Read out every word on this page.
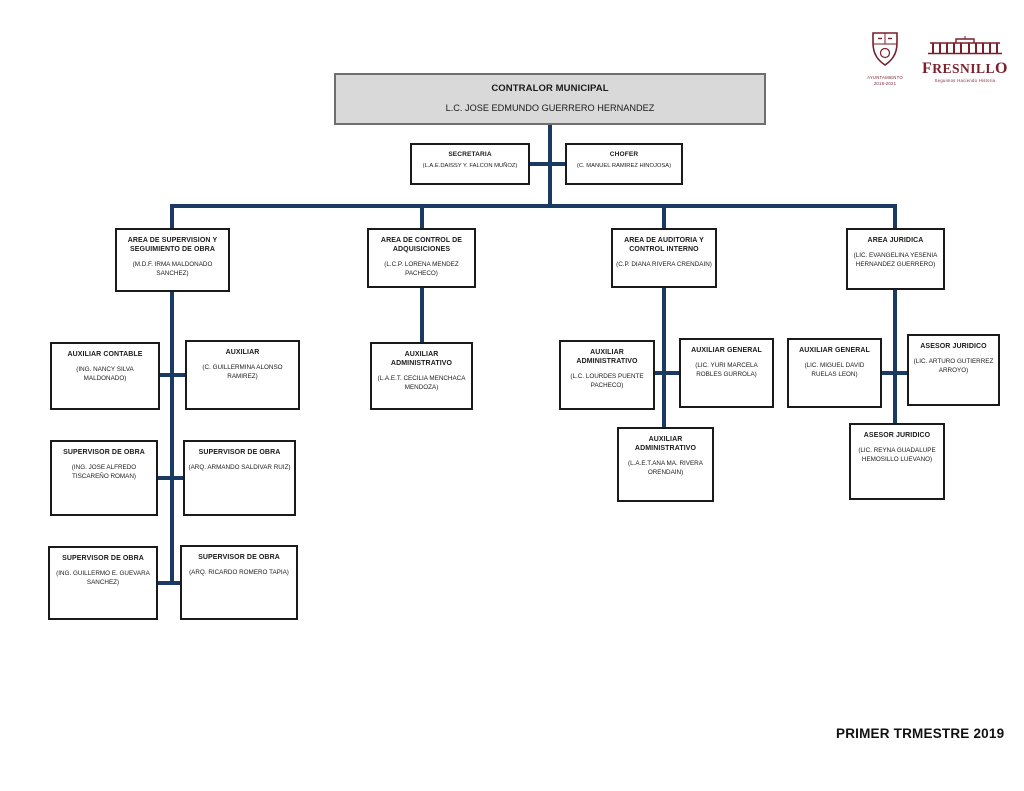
CONTRALOR MUNICIPAL
L.C. JOSE EDMUNDO GUERRERO HERNANDEZ
SECRETARIA
(L.A.E.DAISSY Y. FALCON MUÑOZ)
CHOFER
(C. MANUEL RAMIREZ HINOJOSA)
AREA DE SUPERVISION Y SEGUIMIENTO DE OBRA
(M.D.F. IRMA MALDONADO SANCHEZ)
AREA DE CONTROL DE ADQUISICIONES
(L.C.P. LORENA MENDEZ PACHECO)
AREA DE AUDITORIA Y CONTROL INTERNO
(C.P. DIANA RIVERA CRENDAIN)
AREA JURIDICA
(LIC. EVANGELINA YESENIA HERNANDEZ GUERRERO)
AUXILIAR CONTABLE
(ING. NANCY SILVA MALDONADO)
AUXILIAR
(C. GUILLERMINA ALONSO RAMIREZ)
SUPERVISOR DE OBRA
(ING. JOSE ALFREDO TISCAREÑO ROMAN)
SUPERVISOR DE OBRA
(ARQ. ARMANDO SALDIVAR RUIZ)
SUPERVISOR DE OBRA
(ING. GUILLERMO E. GUEVARA SANCHEZ)
SUPERVISOR DE OBRA
(ARQ. RICARDO ROMERO TAPIA)
AUXILIAR ADMINISTRATIVO
(L.A.E.T. CECILIA MENCHACA MENDOZA)
AUXILIAR ADMINISTRATIVO
(L.C. LOURDES PUENTE PACHECO)
AUXILIAR GENERAL
(LIC. YURI MARCELA ROBLES GURROLA)
AUXILIAR ADMINISTRATIVO
(L.A.E.T.ANA MA. RIVERA ORENDAIN)
AUXILIAR GENERAL
(LIC. MIGUEL DAVID RUELAS LEON)
ASESOR JURIDICO
(LIC. ARTURO GUTIERREZ ARROYO)
ASESOR JURIDICO
(LIC. REYNA GUADALUPE HEMOSILLO LUEVANO)
AYUNTAMIENTO
2018-2021
FRESNILLO
Seguimos Haciendo Historia
PRIMER TRMESTRE 2019
